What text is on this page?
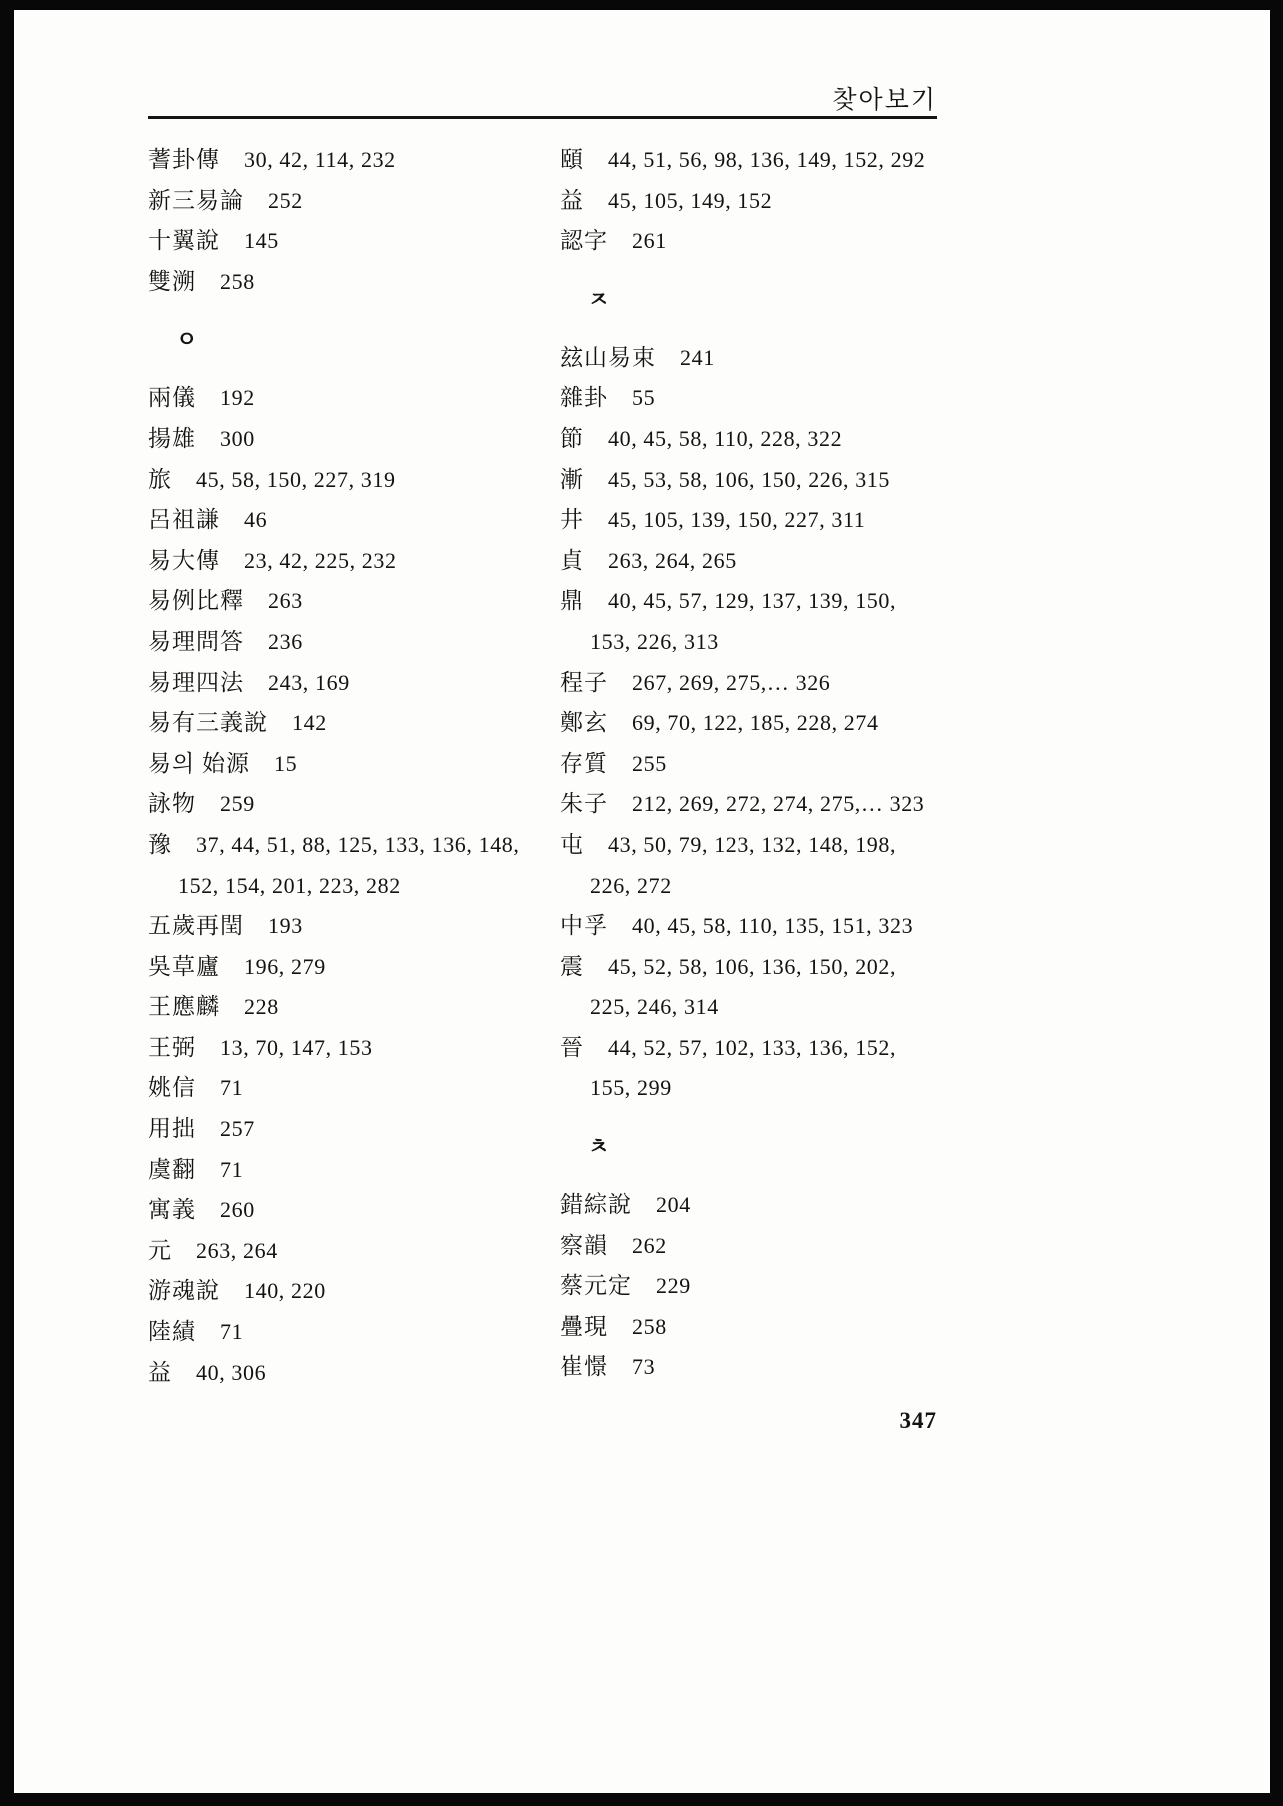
찾아보기
蓍卦傳 30, 42, 114, 232
新三易論 252
十翼說 145
雙溯 258
ㅇ
兩儀 192
揚雄 300
旅 45, 58, 150, 227, 319
呂祖謙 46
易大傳 23, 42, 225, 232
易例比釋 263
易理問答 236
易理四法 243, 169
易有三義說 142
易의 始源 15
詠物 259
豫 37, 44, 51, 88, 125, 133, 136, 148,
152, 154, 201, 223, 282
五歲再閏 193
吳草廬 196, 279
王應麟 228
王弼 13, 70, 147, 153
姚信 71
用拙 257
虞翻 71
寓義 260
元 263, 264
游魂說 140, 220
陸績 71
益 40, 306
頤 44, 51, 56, 98, 136, 149, 152, 292
益 45, 105, 149, 152
認字 261
ㅈ
玆山易束 241
雜卦 55
節 40, 45, 58, 110, 228, 322
漸 45, 53, 58, 106, 150, 226, 315
井 45, 105, 139, 150, 227, 311
貞 263, 264, 265
鼎 40, 45, 57, 129, 137, 139, 150,
153, 226, 313
程子 267, 269, 275,… 326
鄭玄 69, 70, 122, 185, 228, 274
存質 255
朱子 212, 269, 272, 274, 275,… 323
屯 43, 50, 79, 123, 132, 148, 198,
226, 272
中孚 40, 45, 58, 110, 135, 151, 323
震 45, 52, 58, 106, 136, 150, 202,
225, 246, 314
晉 44, 52, 57, 102, 133, 136, 152,
155, 299
ㅊ
錯綜說 204
察韻 262
蔡元定 229
疊現 258
崔憬 73
347
